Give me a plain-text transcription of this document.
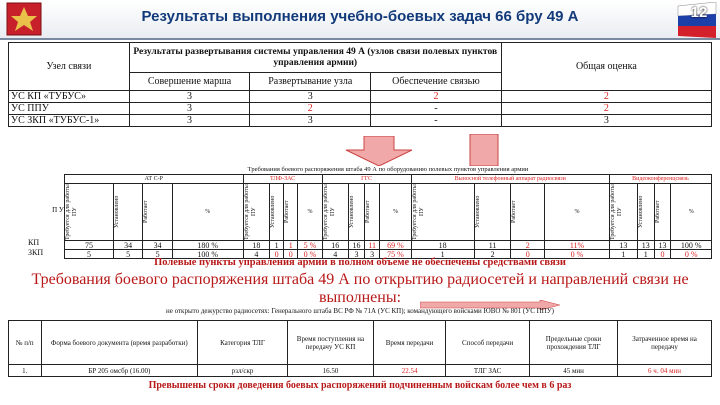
Результаты выполнения учебно-боевых задач 66 бру 49 А	12
Узел связи	Результаты развертывания системы управления 49 А (узлов связи полевых пунктов управления армии)			Общая оценка
	Совершение марша	Развертывание узла	Обеспечение связью	
УС КП «ТУБУС»	3	3	2	2
УС ППУ	3	2	-	2
УС ЗКП «ТУБУС-1»	3	3	-	3
Требования боевого распоряжения штаба 49 А по оборудованию полевых пунктов управления армии
П У
КП
ЗКП
АТ С-Р				ТЛФ-ЗАС				ГГС				Выносной телефонный аппарат радиосвязи				Видеоконференцсвязь			

Требуется для работы ПУ	Установлено	Работает	%	Требуется для работы ПУ	Установлено	Работает	%	Требуется для работы ПУ	Установлено	Работает	%	Требуется для работы ПУ	Установлено	Работает	%	Требуется для работы ПУ	Установлено	Работает	%
75	34	34	180 %	18	1	1	5 %	16	16	11	69 %	18	11	2	11%	13	13	13	100 %
5	5	5	100 %	4	0	0	0 %	4	3	3	75 %	1	2	0	0 %	1	1	0	0 %
Полевые пункты управления армии в полном объеме не обеспечены средствами связи
Требования боевого распоряжения штаба 49 А по открытию радиосетей и направлений связи не выполнены:
не открыто дежурство радиосетях: Генерального штаба ВС РФ № 71А (УС КП); командующего войсками ЮВО № 801 (УС ППУ)
№ п/п	Форма боевого документа (время разработки)	Категория ТЛГ	Время поступления на передачу УС КП	Время передачи	Способ передачи	Предельные сроки прохождения ТЛГ	Затраченное время на передачу
1.	БР 205 омсбр (16.00)	рзл/скр	16.50	22.54	ТЛГ ЗАС	45 мин	6 ч. 04 мин
Превышены сроки доведения боевых распоряжений подчиненным войскам более чем в 6 раз
